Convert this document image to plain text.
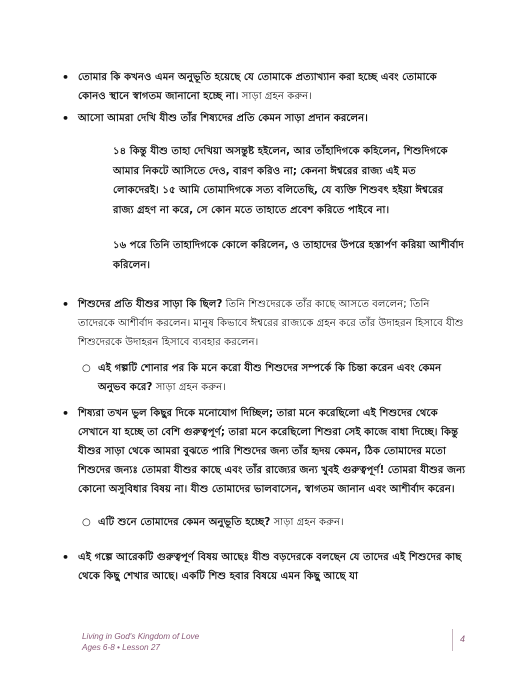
• তোমার কি কখনও এমন অনুভূতি হয়েছে যে তোমাকে প্রত্যাখ্যান করা হচ্ছে এবং তোমাকে কোনও স্থানে স্বাগতম জানানো হচ্ছে না। সাড়া গ্রহন করুন।
• আসো আমরা দেখি যীশু তাঁর শিষ্যদের প্রতি কেমন সাড়া প্রদান করলেন।
১৪ কিন্তু যীশু তাহা দেখিয়া অসন্তুষ্ট হইলেন, আর তাঁহাদিগকে কহিলেন, শিশুদিগকে আমার নিকটে আসিতে দেও, বারণ করিও না; কেননা ঈশ্বরের রাজ্য এই মত লোকদেরই। ১৫ আমি তোমাদিগকে সত্য বলিতেছি, যে ব্যক্তি শিশুবৎ হইয়া ঈশ্বরের রাজ্য গ্রহণ না করে, সে কোন মতে তাহাতে প্রবেশ করিতে পাইবে না।
১৬ পরে তিনি তাহাদিগকে কোলে করিলেন, ও তাহাদের উপরে হস্তার্পণ করিয়া আশীর্বাদ করিলেন।
• শিশুদের প্রতি যীশুর সাড়া কি ছিল? তিনি শিশুদেরকে তাঁর কাছে আসতে বললেন; তিনি তাদেরকে আশীর্বাদ করলেন। মানুষ কিভাবে ঈশ্বরের রাজ্যকে গ্রহন করে তাঁর উদাহরন হিসাবে যীশু শিশুদেরকে উদাহরন হিসাবে ব্যবহার করলেন।
○ এই গল্পটি শোনার পর কি মনে করো যীশু শিশুদের সম্পর্কে কি চিন্তা করেন এবং কেমন অনুভব করে? সাড়া গ্রহন করুন।
• শিষ্যরা তখন ভুল কিছুর দিকে মনোযোগ দিচ্ছিল; তারা মনে করেছিলো এই শিশুদের থেকে সেখানে যা হচ্ছে তা বেশি গুরুত্বপূর্ণ; তারা মনে করেছিলো শিশুরা সেই কাজে বাধা দিচ্ছে। কিন্তু যীশুর সাড়া থেকে আমরা বুঝতে পারি শিশুদের জন্য তাঁর হৃদয় কেমন, ঠিক তোমাদের মতো শিশুদের জন্যঃ তোমরা যীশুর কাছে এবং তাঁর রাজ্যের জন্য খুবই গুরুত্বপূর্ণ! তোমরা যীশুর জন্য কোনো অসুবিধার বিষয় না। যীশু তোমাদের ভালবাসেন, স্বাগতম জানান এবং আশীর্বাদ করেন।
○ এটি শুনে তোমাদের কেমন অনুভূতি হচ্ছে? সাড়া গ্রহন করুন।
• এই গল্পে আরেকটি গুরুত্বপূর্ণ বিষয় আছেঃ যীশু বড়দেরকে বলছেন যে তাদের এই শিশুদের কাছ থেকে কিছু শেখার আছে। একটি শিশু হবার বিষয়ে এমন কিছু আছে যা
Living in God's Kingdom of Love
Ages 6-8 • Lesson 27
4
